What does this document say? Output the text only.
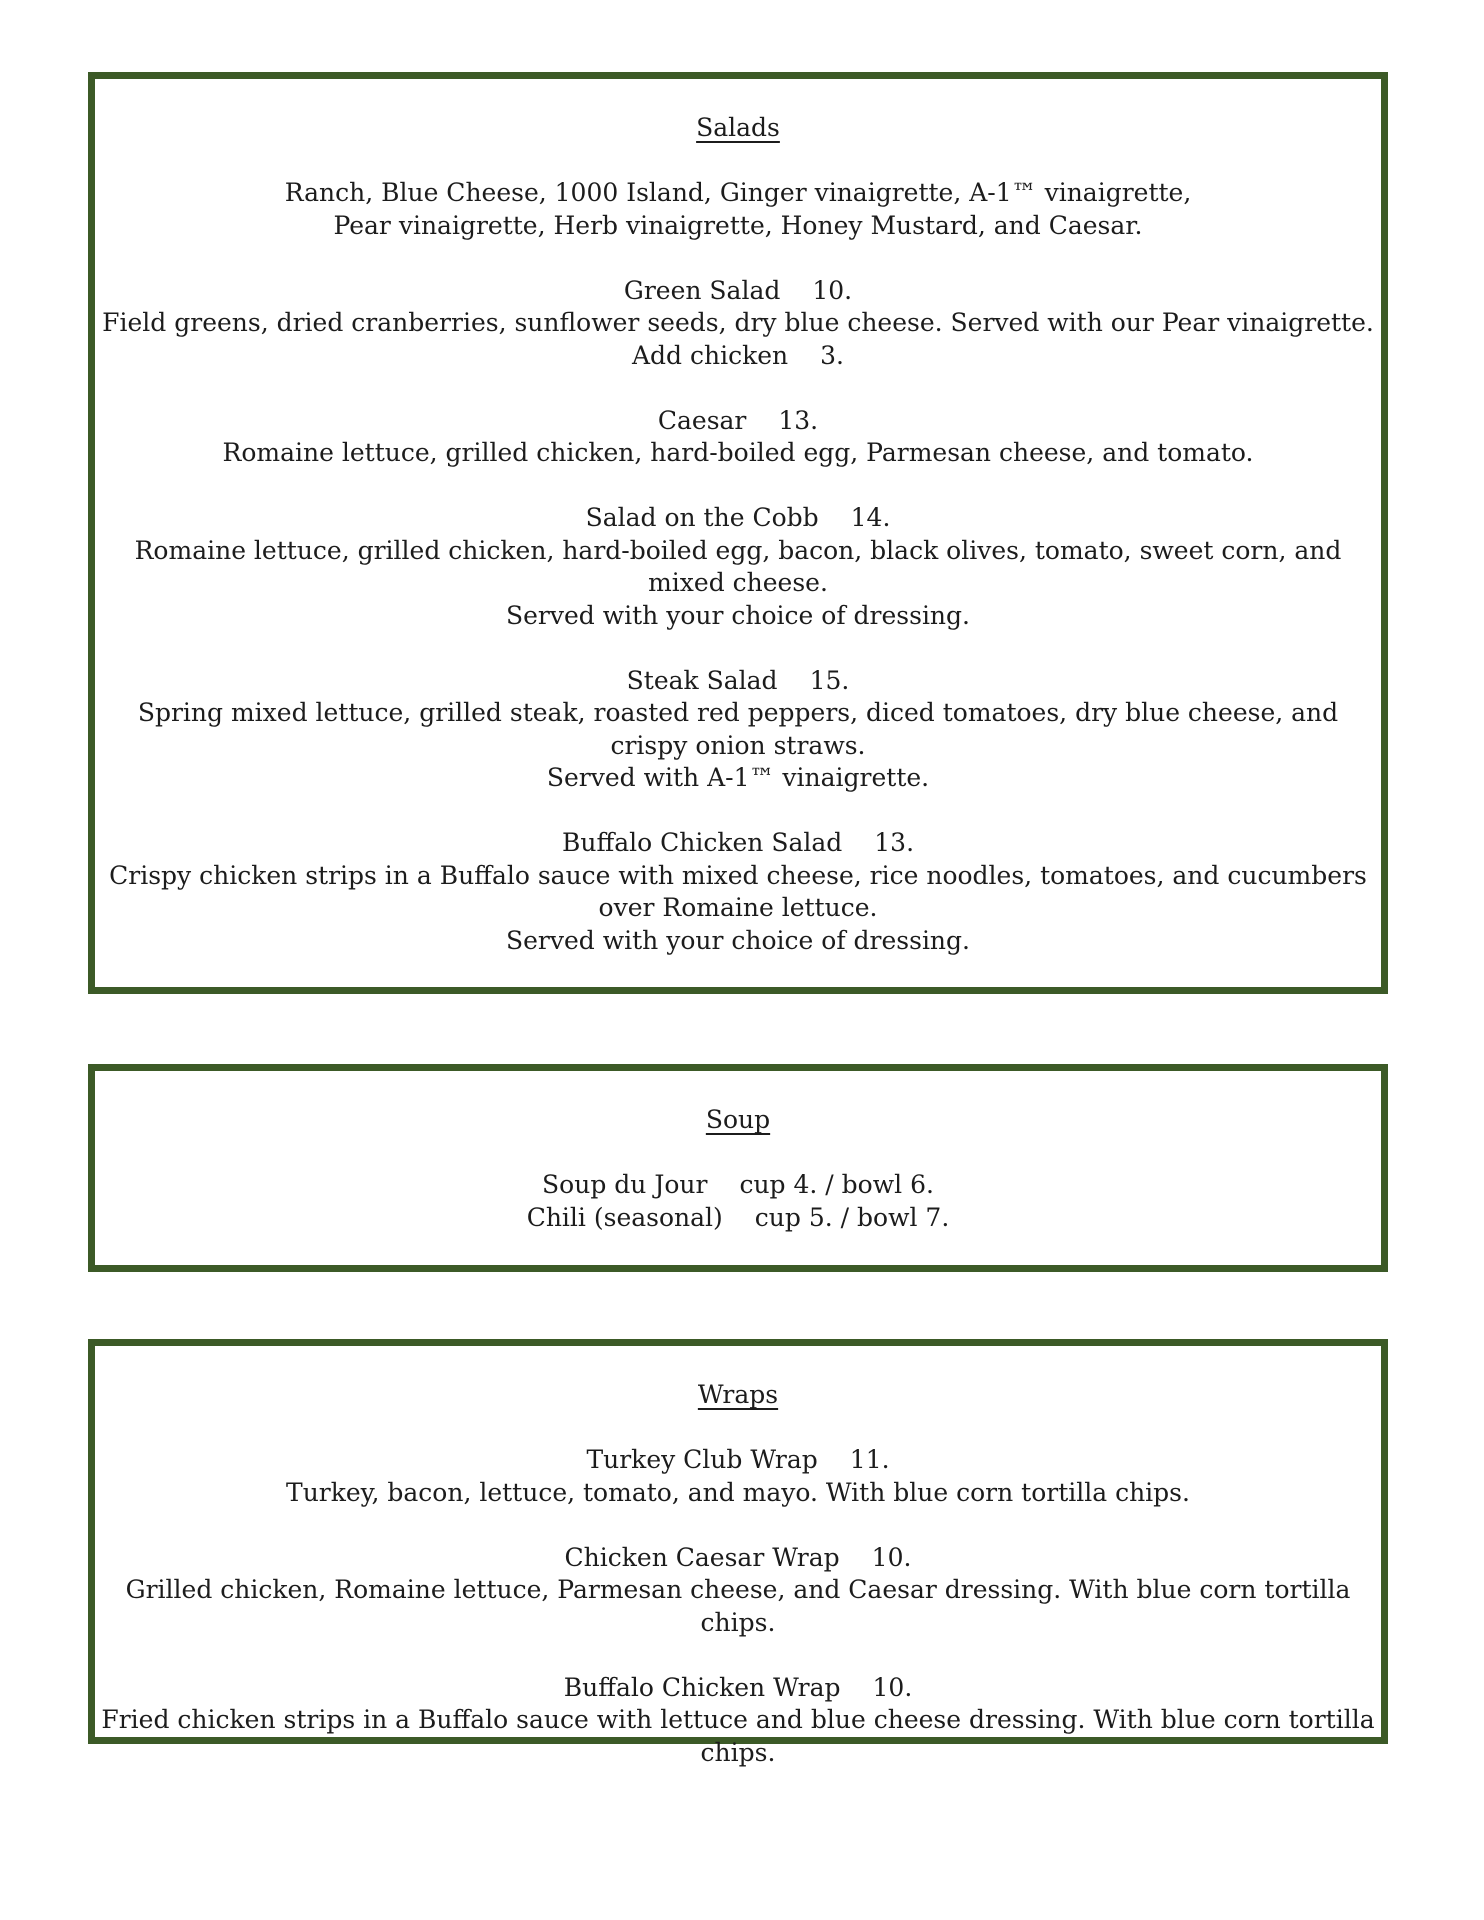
Salads

Ranch, Blue Cheese, 1000 Island, Ginger vinaigrette, A-1™ vinaigrette,
Pear vinaigrette, Herb vinaigrette, Honey Mustard, and Caesar.
Green Salad 10.
Field greens, dried cranberries, sunflower seeds, dry blue cheese. Served with our Pear vinaigrette.
Add chicken 3.
Caesar 13.
Romaine lettuce, grilled chicken, hard-boiled egg, Parmesan cheese, and tomato.
Salad on the Cobb 14.
Romaine lettuce, grilled chicken, hard-boiled egg, bacon, black olives, tomato, sweet corn, and mixed cheese.
Served with your choice of dressing.
Steak Salad 15.
Spring mixed lettuce, grilled steak, roasted red peppers, diced tomatoes, dry blue cheese, and crispy onion straws.
Served with A-1™ vinaigrette.
Buffalo Chicken Salad 13.
Crispy chicken strips in a Buffalo sauce with mixed cheese, rice noodles, tomatoes, and cucumbers over Romaine lettuce.
Served with your choice of dressing.

Soup

Soup du Jour cup 4. / bowl 6.
Chili (seasonal) cup 5. / bowl 7.

Wraps

Turkey Club Wrap 11.
Turkey, bacon, lettuce, tomato, and mayo. With blue corn tortilla chips.
Chicken Caesar Wrap 10.
Grilled chicken, Romaine lettuce, Parmesan cheese, and Caesar dressing. With blue corn tortilla chips.
Buffalo Chicken Wrap 10.
Fried chicken strips in a Buffalo sauce with lettuce and blue cheese dressing. With blue corn tortilla chips.
